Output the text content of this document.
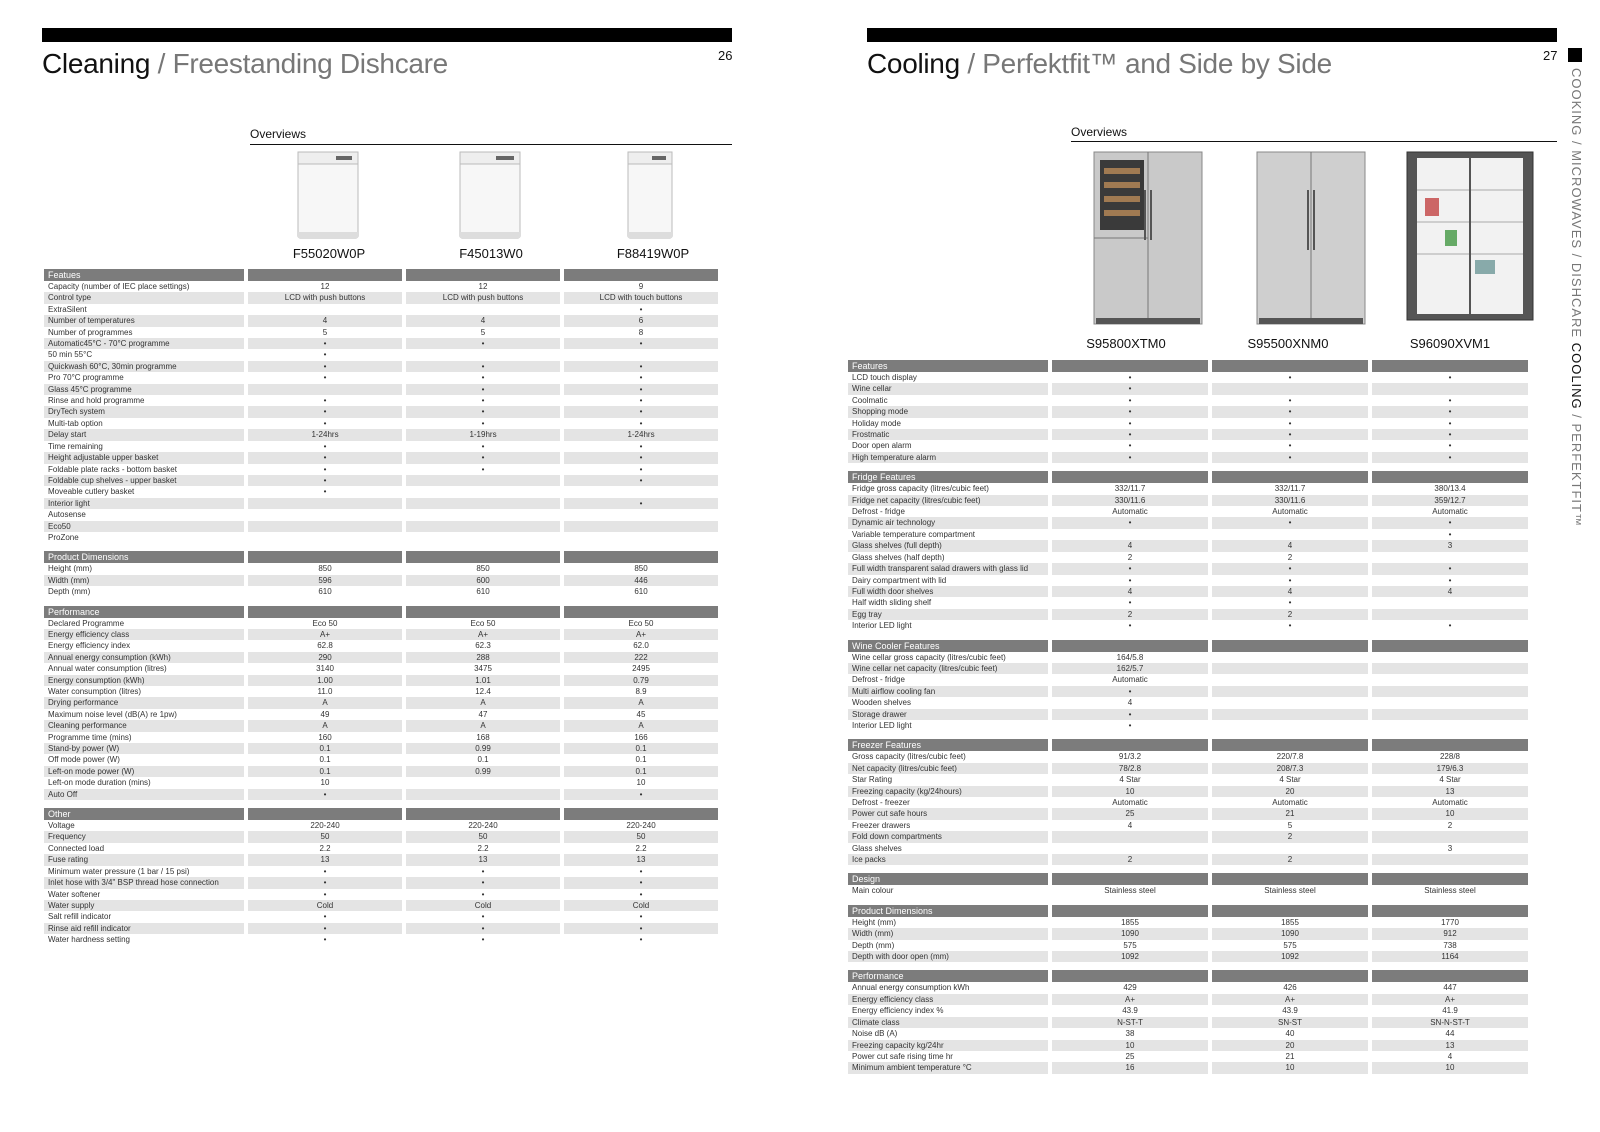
Cleaning / Freestanding Dishcare	26
Overviews
F55020W0P	F45013W0	F88419W0P
Featues			
Capacity (number of IEC place settings)	12	12	9
Control type	LCD with push buttons	LCD with push buttons	LCD with touch buttons
ExtraSilent			•
Number of temperatures	4	4	6
Number of programmes	5	5	8
Automatic45°C - 70°C programme	•	•	•
50 min 55°C	•		
Quickwash 60°C, 30min programme	•	•	•
Pro 70°C programme	•	•	•
Glass 45°C programme		•	•
Rinse and hold programme	•	•	•
DryTech system	•	•	•
Multi-tab option	•	•	•
Delay start	1-24hrs	1-19hrs	1-24hrs
Time remaining	•	•	•
Height adjustable upper basket	•	•	•
Foldable plate racks - bottom basket	•	•	•
Foldable cup shelves - upper basket	•		•
Moveable cutlery basket	•		
Interior light			•
Autosense			
Eco50			
ProZone			

Product Dimensions			
Height (mm)	850	850	850
Width (mm)	596	600	446
Depth (mm)	610	610	610

Performance			
Declared Programme	Eco 50	Eco 50	Eco 50
Energy efficiency class	A+	A+	A+
Energy efficiency index	62.8	62.3	62.0
Annual energy consumption (kWh)	290	288	222
Annual water consumption (litres)	3140	3475	2495
Energy consumption (kWh)	1.00	1.01	0.79
Water consumption (litres)	11.0	12.4	8.9
Drying performance	A	A	A
Maximum noise level (dB(A) re 1pw)	49	47	45
Cleaning performance	A	A	A
Programme time (mins)	160	168	166
Stand-by power (W)	0.1	0.99	0.1
Off mode power (W)	0.1	0.1	0.1
Left-on mode power (W)	0.1	0.99	0.1
Left-on mode duration (mins)	10		10
Auto Off	•		•

Other			
Voltage	220-240	220-240	220-240
Frequency	50	50	50
Connected load	2.2	2.2	2.2
Fuse rating	13	13	13
Minimum water pressure (1 bar / 15 psi)	•	•	•
Inlet hose with 3/4" BSP thread hose connection	•	•	•
Water softener	•	•	•
Water supply	Cold	Cold	Cold
Salt refill indicator	•	•	•
Rinse aid refill indicator	•	•	•
Water hardness setting	•	•	•
Cooling / Perfektfit™ and Side by Side	27
Overviews
S95800XTM0	S95500XNM0	S96090XVM1
Features			
LCD touch display	•	•	•
Wine cellar	•		
Coolmatic	•	•	•
Shopping mode	•	•	•
Holiday mode	•	•	•
Frostmatic	•	•	•
Door open alarm	•	•	•
High temperature alarm	•	•	•

Fridge Features			
Fridge gross capacity (litres/cubic feet)	332/11.7	332/11.7	380/13.4
Fridge net capacity (litres/cubic feet)	330/11.6	330/11.6	359/12.7
Defrost - fridge	Automatic	Automatic	Automatic
Dynamic air technology	•	•	•
Variable temperature compartment			•
Glass shelves (full depth)	4	4	3
Glass shelves (half depth)	2	2	
Full width transparent salad drawers with glass lid	•	•	•
Dairy compartment with lid	•	•	•
Full width door shelves	4	4	4
Half width sliding shelf	•	•	
Egg tray	2	2	
Interior LED light	•	•	•

Wine Cooler Features			
Wine cellar gross capacity (litres/cubic feet)	164/5.8		
Wine cellar net capacity (litres/cubic feet)	162/5.7		
Defrost - fridge	Automatic		
Multi airflow cooling fan	•		
Wooden shelves	4		
Storage drawer	•		
Interior LED light	•		

Freezer Features			
Gross capacity (litres/cubic feet)	91/3.2	220/7.8	228/8
Net capacity (litres/cubic feet)	78/2.8	208/7.3	179/6.3
Star Rating	4 Star	4 Star	4 Star
Freezing capacity (kg/24hours)	10	20	13
Defrost - freezer	Automatic	Automatic	Automatic
Power cut safe hours	25	21	10
Freezer drawers	4	5	2
Fold down compartments		2	
Glass shelves			3
Ice packs	2	2	

Design			
Main colour	Stainless steel	Stainless steel	Stainless steel

Product Dimensions			
Height (mm)	1855	1855	1770
Width (mm)	1090	1090	912
Depth (mm)	575	575	738
Depth with door open (mm)	1092	1092	1164

Performance			
Annual energy consumption kWh	429	426	447
Energy efficiency class	A+	A+	A+
Energy efficiency index %	43.9	43.9	41.9
Climate class	N-ST-T	SN-ST	SN-N-ST-T
Noise dB (A)	38	40	44
Freezing capacity kg/24hr	10	20	13
Power cut safe rising time hr	25	21	4
Minimum ambient temperature °C	16	10	10
COOKING / MICROWAVES / DISHCARE COOLING / PERFEKTFIT™
